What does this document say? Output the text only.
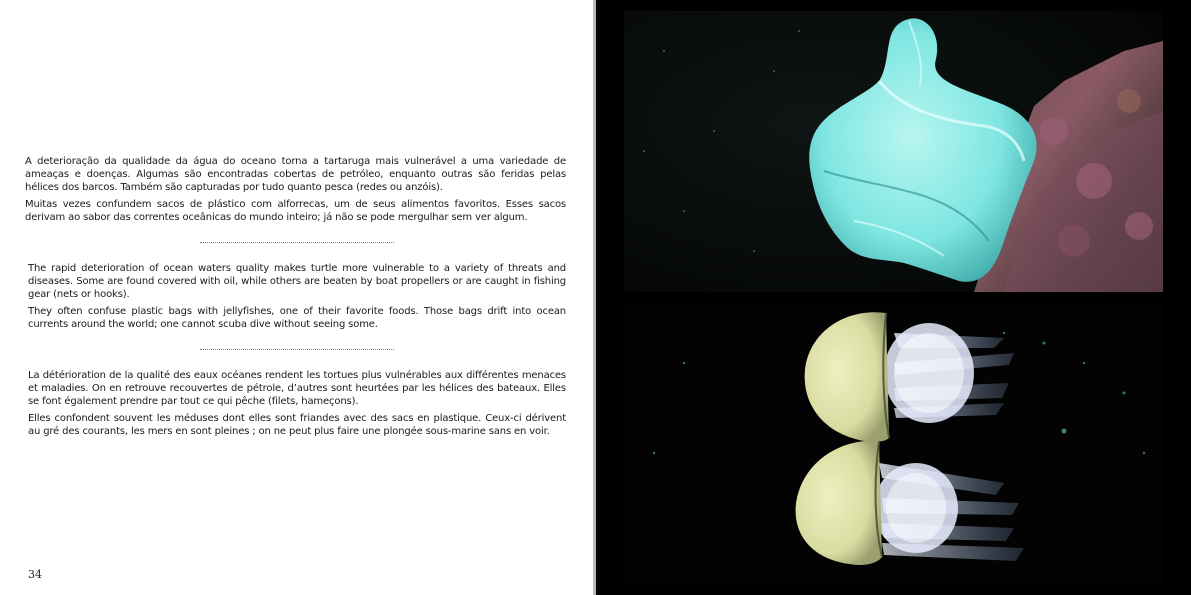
A deterioração da qualidade da água do oceano torna a tartaruga mais vulnerável a uma variedade de ameaças e doenças. Algumas são encontradas cobertas de petróleo, enquanto outras são feridas pelas hélices dos barcos. Também são capturadas por tudo quanto pesca (redes ou anzóis).

Muitas vezes confundem sacos de plástico com alforrecas, um de seus alimentos favoritos. Esses sacos derivam ao sabor das correntes oceânicas do mundo inteiro; já não se pode mergulhar sem ver algum.

The rapid deterioration of ocean waters quality makes turtle more vulnerable to a variety of threats and diseases. Some are found covered with oil, while others are beaten by boat propellers or are caught in fishing gear (nets or hooks).

They often confuse plastic bags with jellyfishes, one of their favorite foods. Those bags drift into ocean currents around the world; one cannot scuba dive without seeing some.

La détérioration de la qualité des eaux océanes rendent les tortues plus vulnérables aux différentes menaces et maladies. On en retrouve recouvertes de pétrole, d’autres sont heurtées par les hélices des bateaux. Elles se font également prendre par tout ce qui pêche (filets, hameçons).

Elles confondent souvent les méduses dont elles sont friandes avec des sacs en plastique. Ceux-ci dérivent au gré des courants, les mers en sont pleines ; on ne peut plus faire une plongée sous-marine sans en voir.

34
